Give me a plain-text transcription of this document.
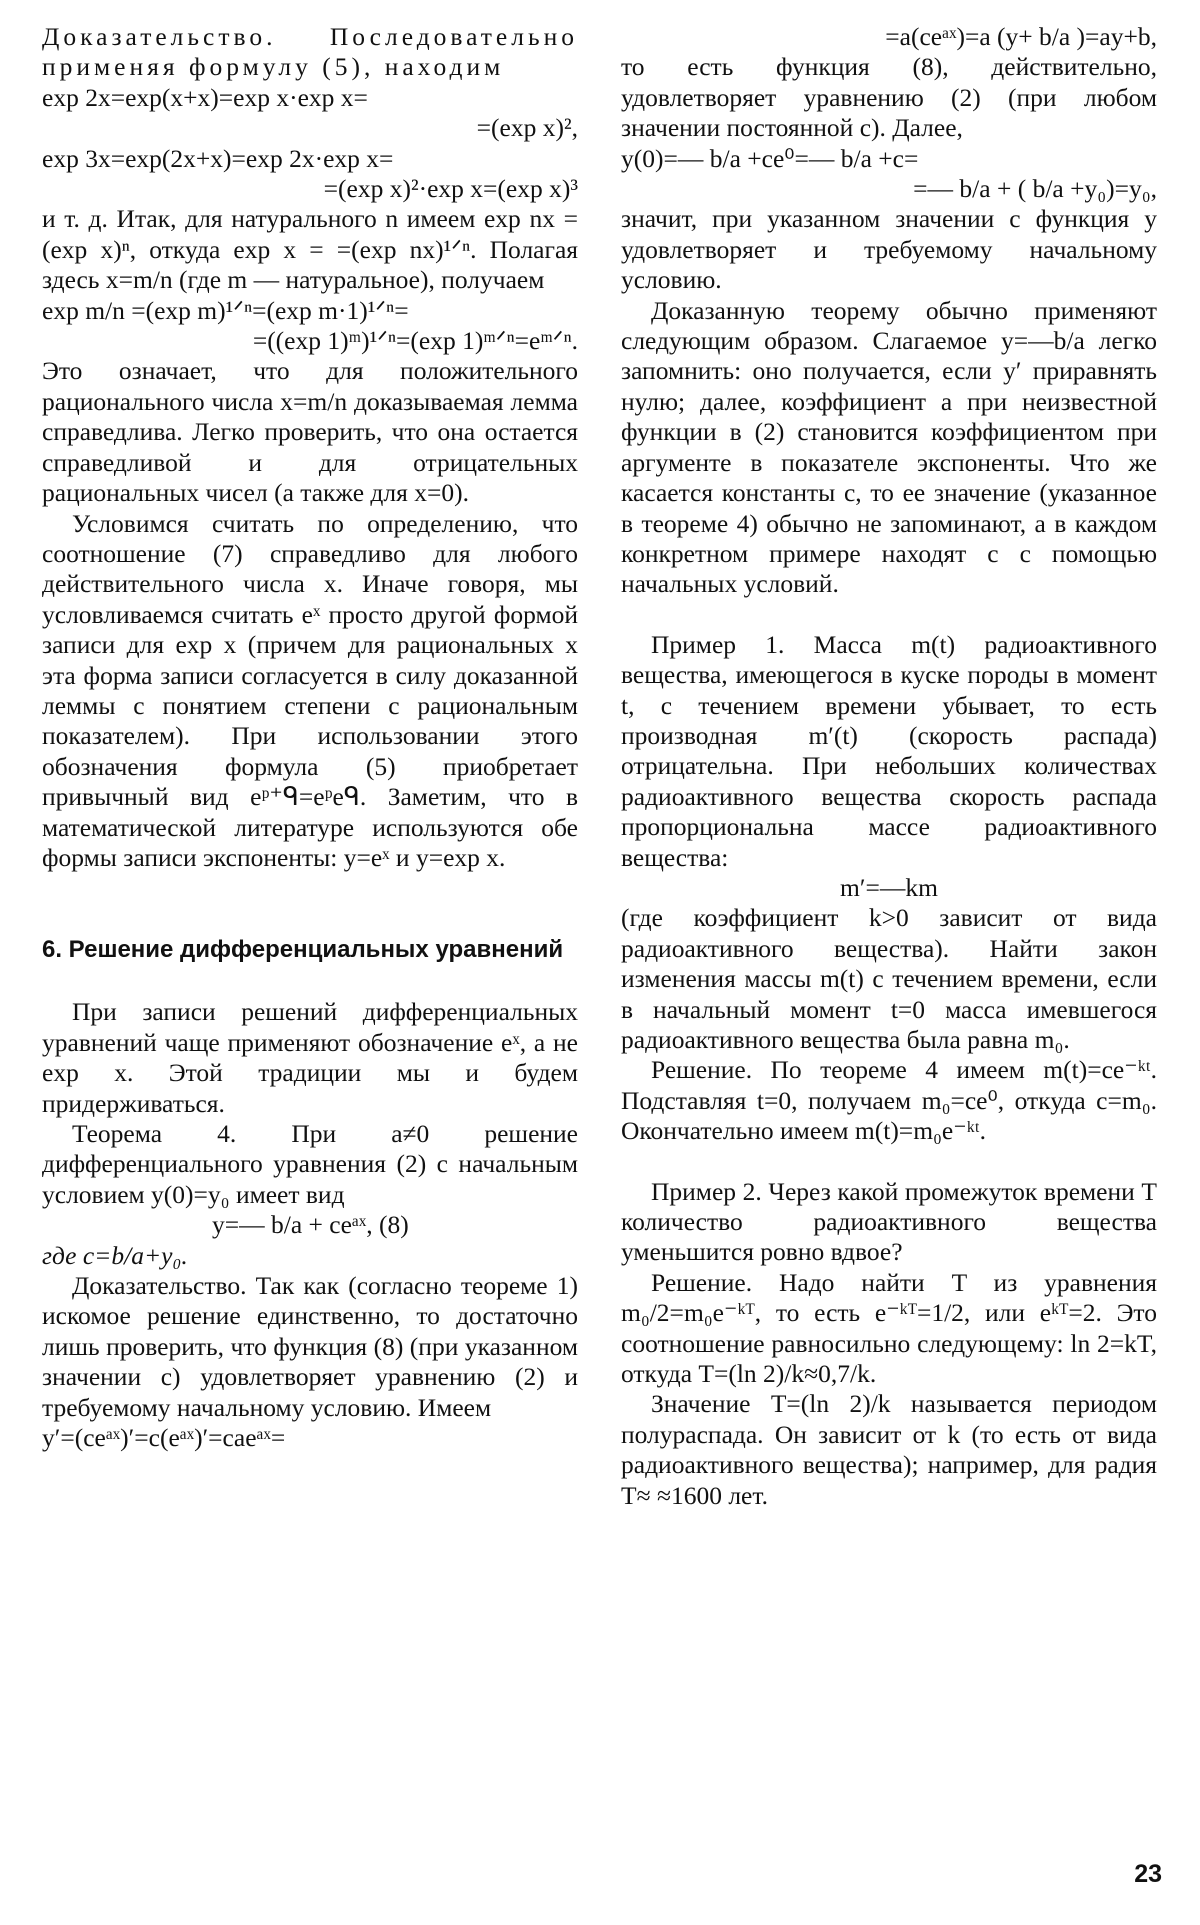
Доказательство. Последовательно применяя формулу (5), находим

exp 2x=exp(x+x)=exp x·exp x=

=(exp x)²,

exp 3x=exp(2x+x)=exp 2x·exp x=

=(exp x)²·exp x=(exp x)³

и т. д. Итак, для натурального n имеем exp nx = (exp x)ⁿ, откуда exp x = =(exp nx)¹ᐟⁿ. Полагая здесь x=m/n (где m — натуральное), получаем

exp m/n =(exp m)¹ᐟⁿ=(exp m·1)¹ᐟⁿ=

=((exp 1)ᵐ)¹ᐟⁿ=(exp 1)ᵐᐟⁿ=eᵐᐟⁿ.

Это означает, что для положительного рационального числа x=m/n доказываемая лемма справедлива. Легко проверить, что она остается справедливой и для отрицательных рациональных чисел (а также для x=0).

Условимся считать по определению, что соотношение (7) справедливо для любого действительного числа x. Иначе говоря, мы условливаемся считать eˣ просто другой формой записи для exp x (причем для рациональных x эта форма записи согласуется в силу доказанной леммы с понятием степени с рациональным показателем). При использовании этого обозначения формула (5) приобретает привычный вид eᵖ⁺ᑫ=eᵖeᑫ. Заметим, что в математической литературе используются обе формы записи экспоненты: y=eˣ и y=exp x.

6. Решение дифференциальных уравнений

При записи решений дифференциальных уравнений чаще применяют обозначение eˣ, а не exp x. Этой традиции мы и будем придерживаться.

Теорема 4. При a≠0 решение дифференциального уравнения (2) с начальным условием y(0)=y₀ имеет вид

y=— b/a + ceᵃˣ, (8)

где c=b/a+y₀.

Доказательство. Так как (согласно теореме 1) искомое решение единственно, то достаточно лишь проверить, что функция (8) (при указанном значении c) удовлетворяет уравнению (2) и требуемому начальному условию. Имеем

y′=(ceᵃˣ)′=c(eᵃˣ)′=caeᵃˣ=

=a(ceᵃˣ)=a (y+ b/a )=ay+b,

то есть функция (8), действительно, удовлетворяет уравнению (2) (при любом значении постоянной c). Далее,

y(0)=— b/a +ce⁰=— b/a +c=

=— b/a + ( b/a +y₀)=y₀,

значит, при указанном значении c функция y удовлетворяет и требуемому начальному условию.

Доказанную теорему обычно применяют следующим образом. Слагаемое y=—b/a легко запомнить: оно получается, если y′ приравнять нулю; далее, коэффициент a при неизвестной функции в (2) становится коэффициентом при аргументе в показателе экспоненты. Что же касается константы c, то ее значение (указанное в теореме 4) обычно не запоминают, а в каждом конкретном примере находят c с помощью начальных условий.

Пример 1. Масса m(t) радиоактивного вещества, имеющегося в куске породы в момент t, с течением времени убывает, то есть производная m′(t) (скорость распада) отрицательна. При небольших количествах радиоактивного вещества скорость распада пропорциональна массе радиоактивного вещества:

m′=—km

(где коэффициент k>0 зависит от вида радиоактивного вещества). Найти закон изменения массы m(t) с течением времени, если в начальный момент t=0 масса имевшегося радиоактивного вещества была равна m₀.

Решение. По теореме 4 имеем m(t)=ce⁻ᵏᵗ. Подставляя t=0, получаем m₀=ce⁰, откуда c=m₀. Окончательно имеем m(t)=m₀e⁻ᵏᵗ.

Пример 2. Через какой промежуток времени T количество радиоактивного вещества уменьшится ровно вдвое?

Решение. Надо найти T из уравнения m₀/2=m₀e⁻ᵏᵀ, то есть e⁻ᵏᵀ=1/2, или eᵏᵀ=2. Это соотношение равносильно следующему: ln 2=kT, откуда T=(ln 2)/k≈0,7/k.

Значение T=(ln 2)/k называется периодом полураспада. Он зависит от k (то есть от вида радиоактивного вещества); например, для радия T≈ ≈1600 лет.

23
